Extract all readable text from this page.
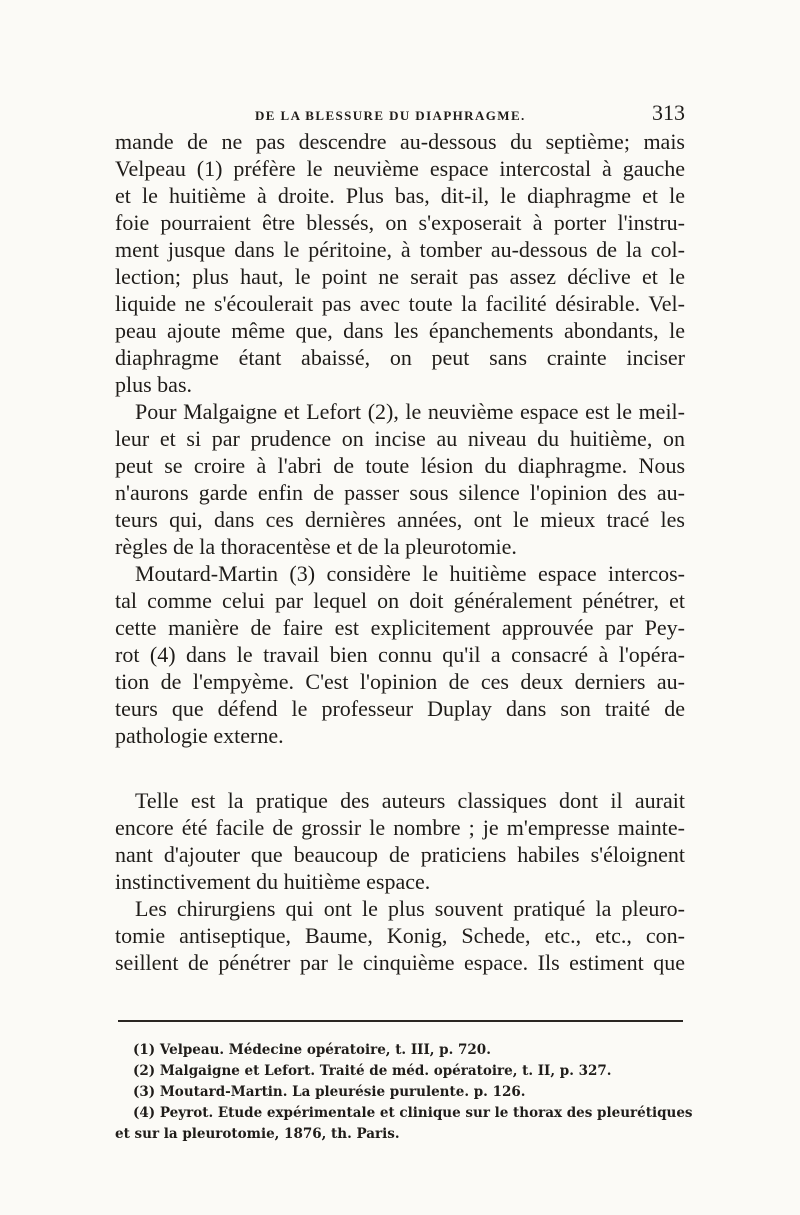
DE LA BLESSURE DU DIAPHRAGME.	313
mande de ne pas descendre au-dessous du septième; mais
Velpeau (1) préfère le neuvième espace intercostal à gauche
et le huitième à droite. Plus bas, dit-il, le diaphragme et le
foie pourraient être blessés, on s'exposerait à porter l'instru-
ment jusque dans le péritoine, à tomber au-dessous de la col-
lection; plus haut, le point ne serait pas assez déclive et le
liquide ne s'écoulerait pas avec toute la facilité désirable. Vel-
peau ajoute même que, dans les épanchements abondants, le
diaphragme étant abaissé, on peut sans crainte inciser
plus bas.
Pour Malgaigne et Lefort (2), le neuvième espace est le meil-
leur et si par prudence on incise au niveau du huitième, on
peut se croire à l'abri de toute lésion du diaphragme. Nous
n'aurons garde enfin de passer sous silence l'opinion des au-
teurs qui, dans ces dernières années, ont le mieux tracé les
règles de la thoracentèse et de la pleurotomie.
Moutard-Martin (3) considère le huitième espace intercos-
tal comme celui par lequel on doit généralement pénétrer, et
cette manière de faire est explicitement approuvée par Pey-
rot (4) dans le travail bien connu qu'il a consacré à l'opéra-
tion de l'empyème. C'est l'opinion de ces deux derniers au-
teurs que défend le professeur Duplay dans son traité de
pathologie externe.
Telle est la pratique des auteurs classiques dont il aurait
encore été facile de grossir le nombre ; je m'empresse mainte-
nant d'ajouter que beaucoup de praticiens habiles s'éloignent
instinctivement du huitième espace.
Les chirurgiens qui ont le plus souvent pratiqué la pleuro-
tomie antiseptique, Baume, Konig, Schede, etc., etc., con-
seillent de pénétrer par le cinquième espace. Ils estiment que
(1) Velpeau. Médecine opératoire, t. III, p. 720.
(2) Malgaigne et Lefort. Traité de méd. opératoire, t. II, p. 327.
(3) Moutard-Martin. La pleurésie purulente. p. 126.
(4) Peyrot. Etude expérimentale et clinique sur le thorax des pleurétiques
et sur la pleurotomie, 1876, th. Paris.
